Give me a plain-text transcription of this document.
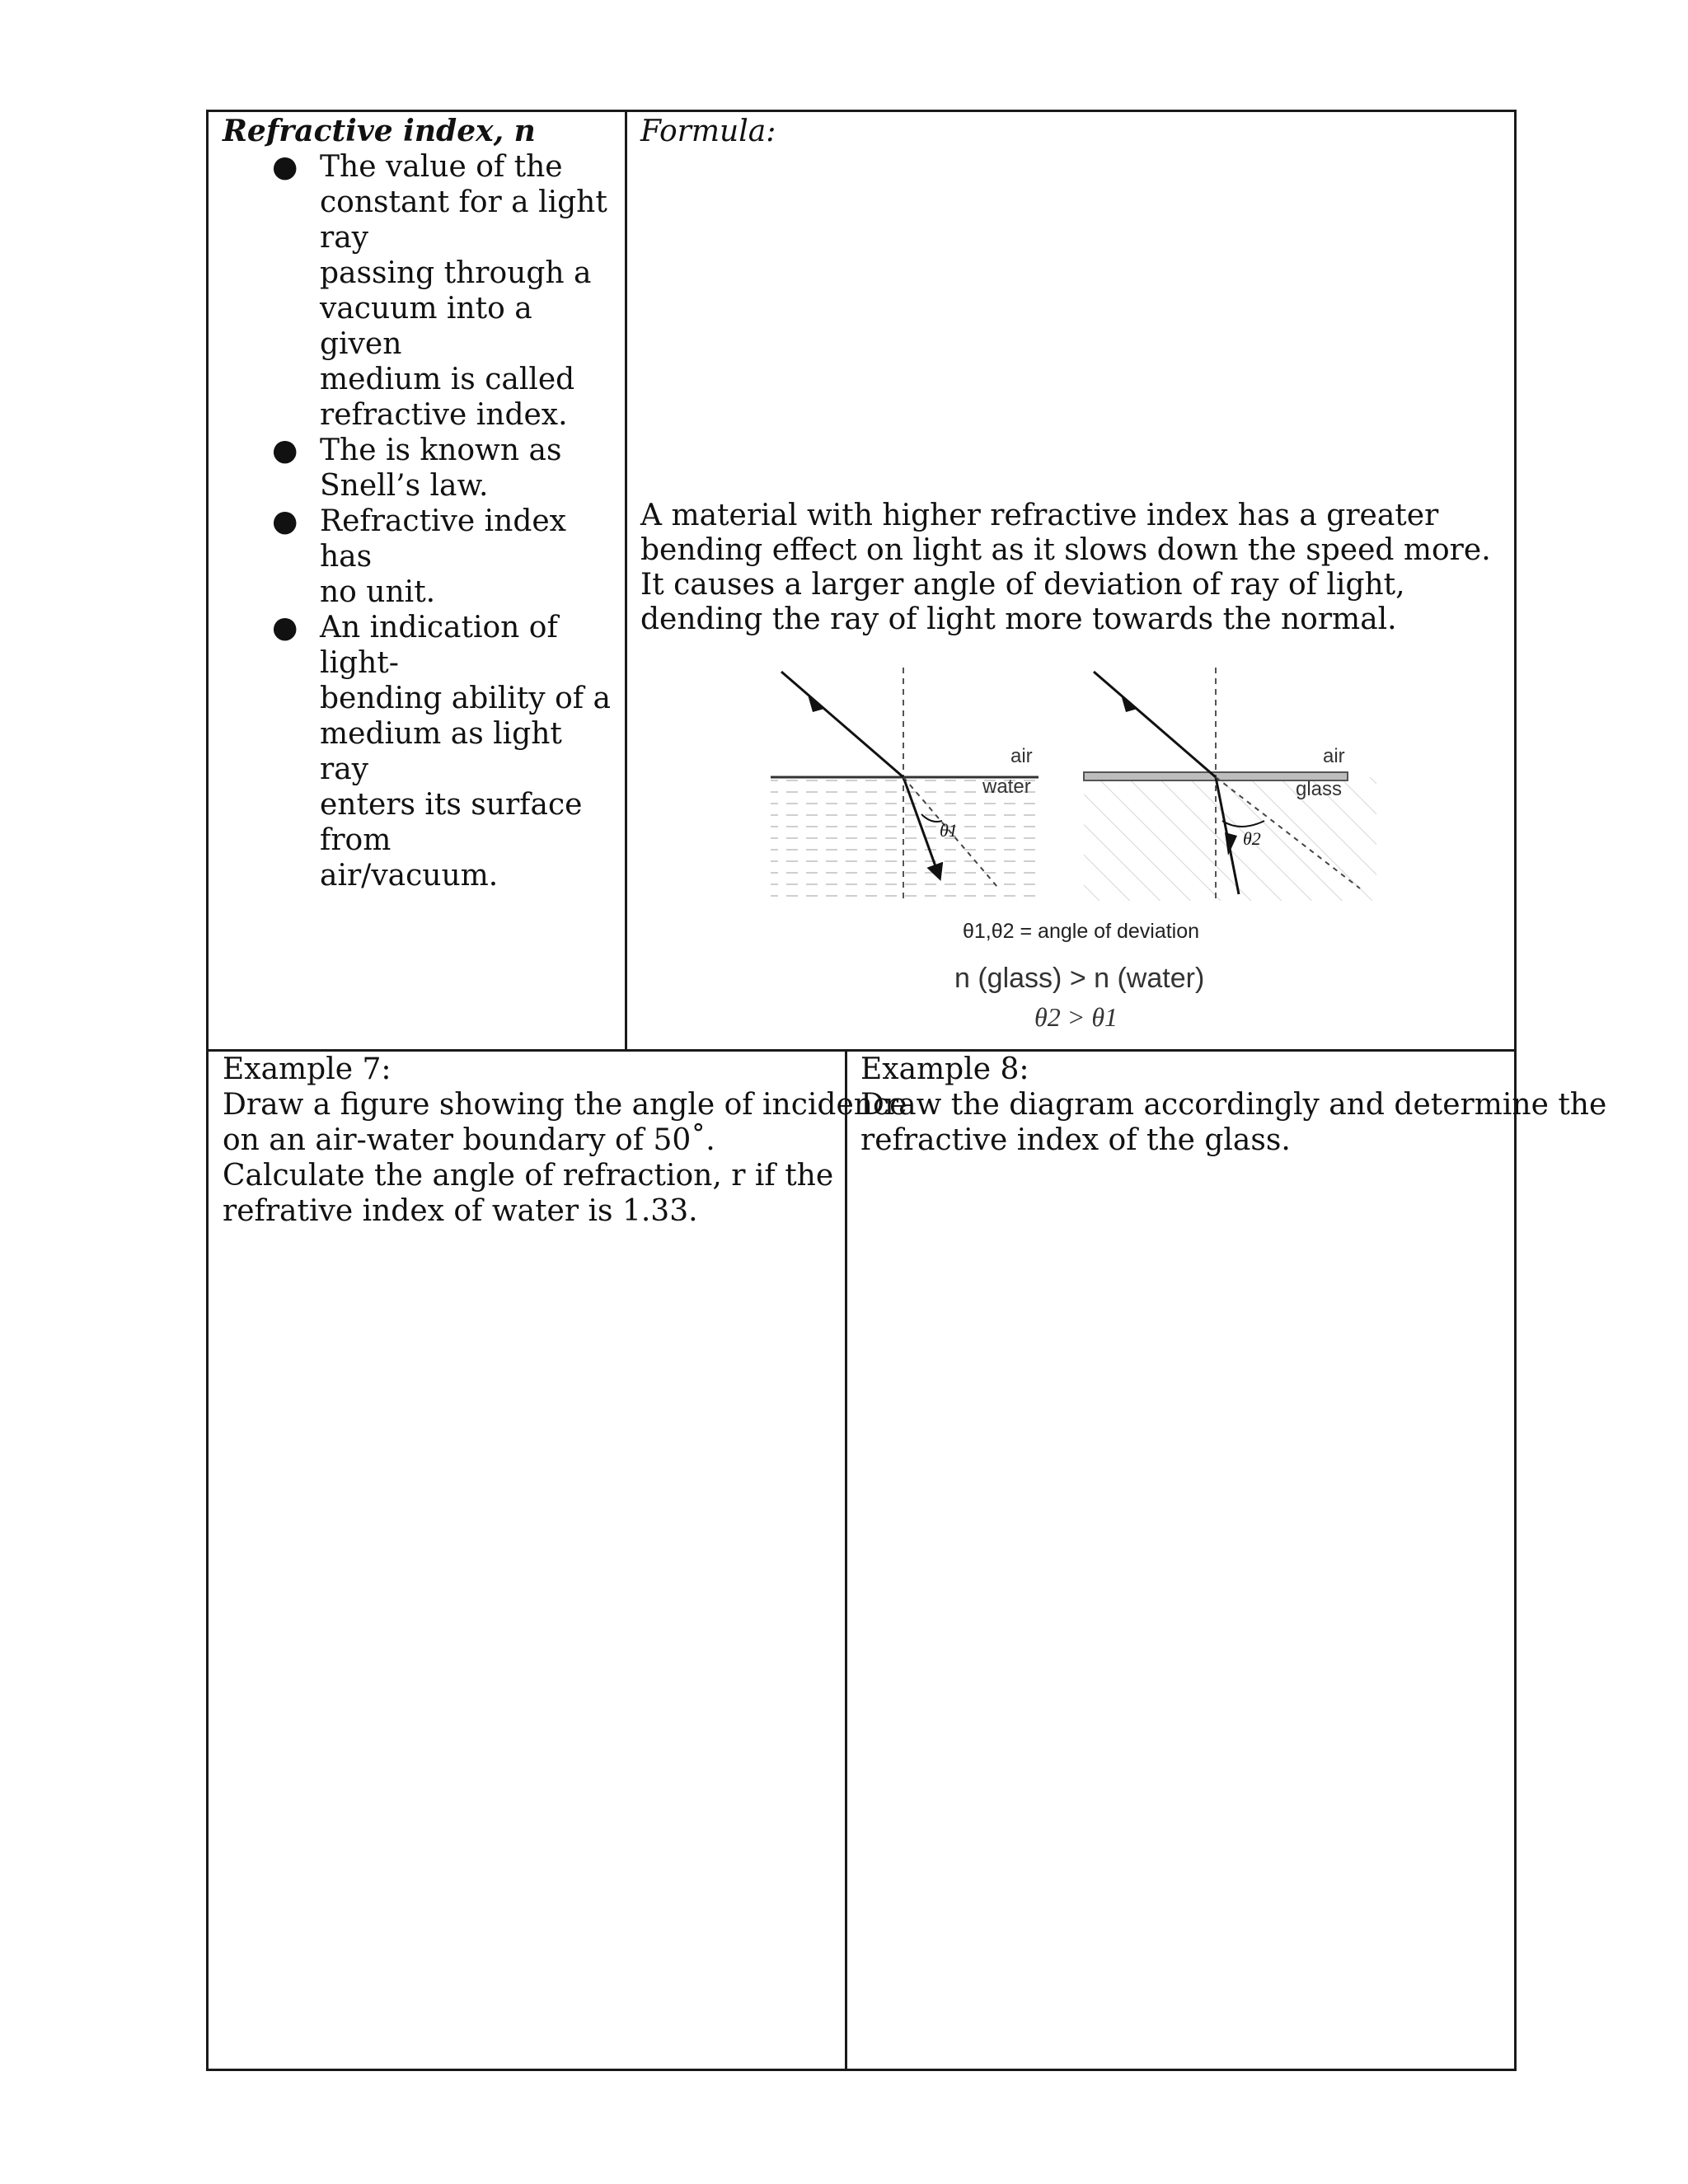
Refractive index, n
● The value of the
constant for a light ray
passing through a
vacuum into a given
medium is called
refractive index.
● The is known as
Snell’s law.
● Refractive index has
no unit.
● An indication of light-
bending ability of a
medium as light ray
enters its surface from
air/vacuum.
Formula:
A material with higher refractive index has a greater bending effect on light as it slows down the speed more. It causes a larger angle of deviation of ray of light, dending the ray of light more towards the normal.
air
water
θ1
air
glass
θ2
θ1,θ2 = angle of deviation
n (glass) > n (water)
θ2 > θ1
Example 7:
Draw a figure showing the angle of incidence
on an air-water boundary of 50˚.
Calculate the angle of refraction, r if the
refrative index of water is 1.33.
Example 8:
Draw the diagram accordingly and determine the
refractive index of the glass.
